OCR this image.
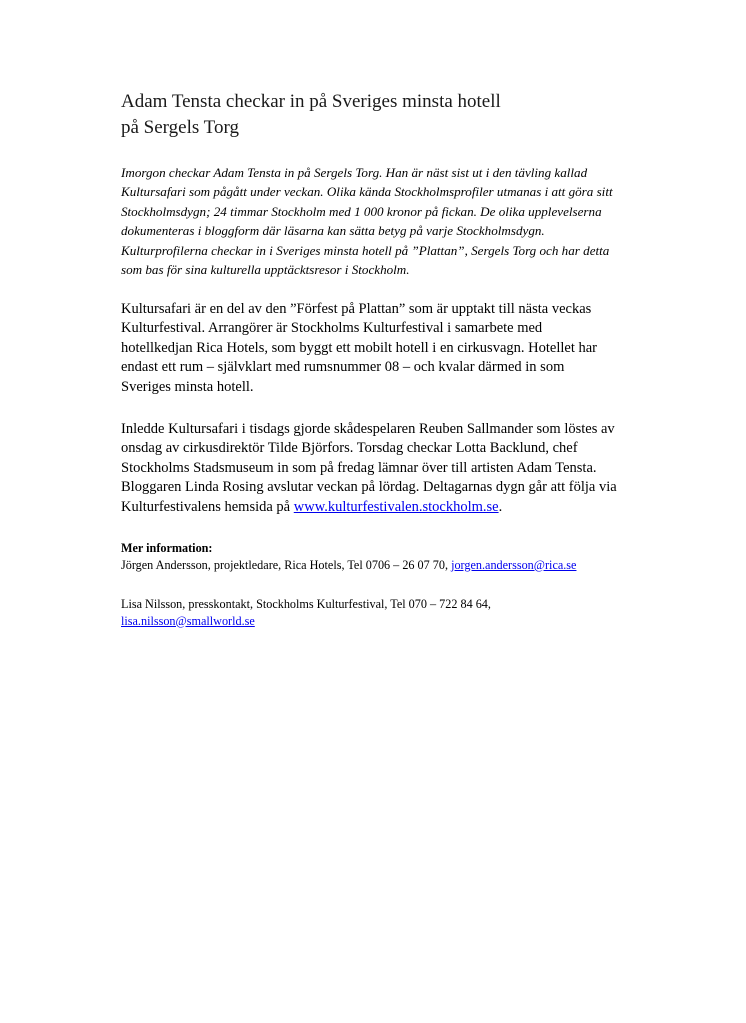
Adam Tensta checkar in på Sveriges minsta hotell
på Sergels Torg
Imorgon checkar Adam Tensta in på Sergels Torg. Han är näst sist ut i den tävling kallad
Kultursafari som pågått under veckan. Olika kända Stockholmsprofiler utmanas i att göra sitt
Stockholmsdygn; 24 timmar Stockholm med 1 000 kronor på fickan. De olika upplevelserna
dokumenteras i bloggform där läsarna kan sätta betyg på varje Stockholmsdygn.
Kulturprofilerna checkar in i Sveriges minsta hotell på ”Plattan”, Sergels Torg och har detta
som bas för sina kulturella upptäcktsresor i Stockholm.
Kultursafari är en del av den ”Förfest på Plattan” som är upptakt till nästa veckas
Kulturfestival. Arrangörer är Stockholms Kulturfestival i samarbete med
hotellkedjan Rica Hotels, som byggt ett mobilt hotell i en cirkusvagn. Hotellet har
endast ett rum – självklart med rumsnummer 08 – och kvalar därmed in som
Sveriges minsta hotell.
Inledde Kultursafari i tisdags gjorde skådespelaren Reuben Sallmander som löstes av
onsdag av cirkusdirektör Tilde Björfors. Torsdag checkar Lotta Backlund, chef
Stockholms Stadsmuseum in som på fredag lämnar över till artisten Adam Tensta.
Bloggaren Linda Rosing avslutar veckan på lördag. Deltagarnas dygn går att följa via
Kulturfestivalens hemsida på www.kulturfestivalen.stockholm.se.
Mer information:
Jörgen Andersson, projektledare, Rica Hotels, Tel 0706 – 26 07 70, jorgen.andersson@rica.se
Lisa Nilsson, presskontakt, Stockholms Kulturfestival, Tel 070 – 722 84 64,
lisa.nilsson@smallworld.se
